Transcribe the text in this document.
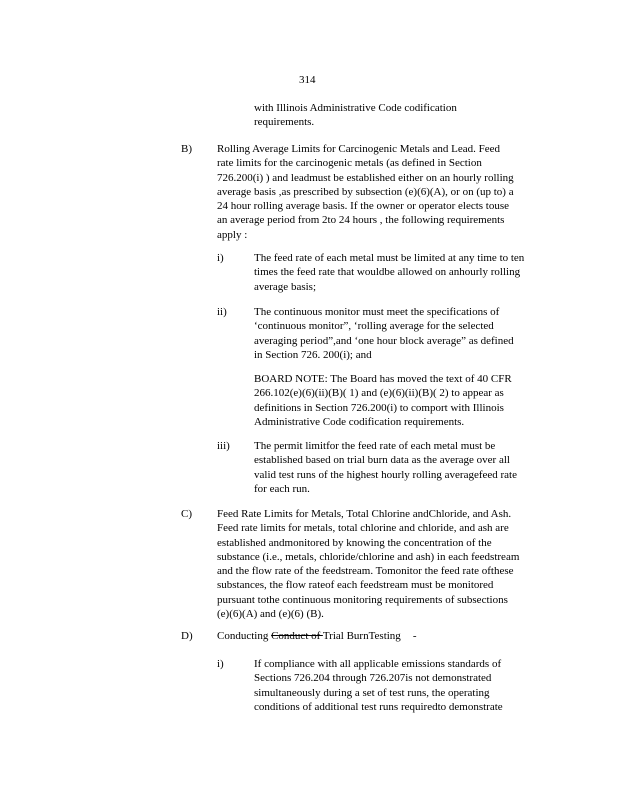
314
with Illinois Administrative Code codification
requirements.
B) Rolling Average Limits for Carcinogenic Metals and Lead. Feed
rate limits for the carcinogenic metals (as defined in Section
726.200(i) ) and leadmust be established either on an hourly rolling
average basis ,as prescribed by subsection (e)(6)(A), or on (up to) a
24 hour rolling average basis. If the owner or operator elects touse
an average period from 2to 24 hours , the following requirements
apply :
i)	The feed rate of each metal must be limited at any time to ten
times the feed rate that wouldbe allowed on anhourly rolling
average basis;
ii) The continuous monitor must meet the specifications of
‘continuous monitor”, ‘rolling average for the selected
averaging period”,and ‘one hour block average” as defined
in Section 726. 200(i); and
BOARD NOTE: The Board has moved the text of 40 CFR
266.102(e)(6)(ii)(B)( 1) and (e)(6)(ii)(B)( 2) to appear as
definitions in Section 726.200(i) to comport with Illinois
Administrative Code codification requirements.
iii) The permit limitfor the feed rate of each metal must be
established based on trial burn data as the average over all
valid test runs of the highest hourly rolling averagefeed rate
for each run.
C) Feed Rate Limits for Metals, Total Chlorine andChloride, and Ash.
Feed rate limits for metals, total chlorine and chloride, and ash are
established andmonitored by knowing the concentration of the
substance (i.e., metals, chloride/chlorine and ash) in each feedstream
and the flow rate of the feedstream. Tomonitor the feed rate ofthese
substances, the flow rateof each feedstream must be monitored
pursuant tothe continuous monitoring requirements of subsections
(e)(6)(A) and (e)(6) (B).
D) Conducting Conduct of Trial BurnTesting -
i)	If compliance with all applicable emissions standards of
Sections 726.204 through 726.207is not demonstrated
simultaneously during a set of test runs, the operating
conditions of additional test runs requiredto demonstrate
